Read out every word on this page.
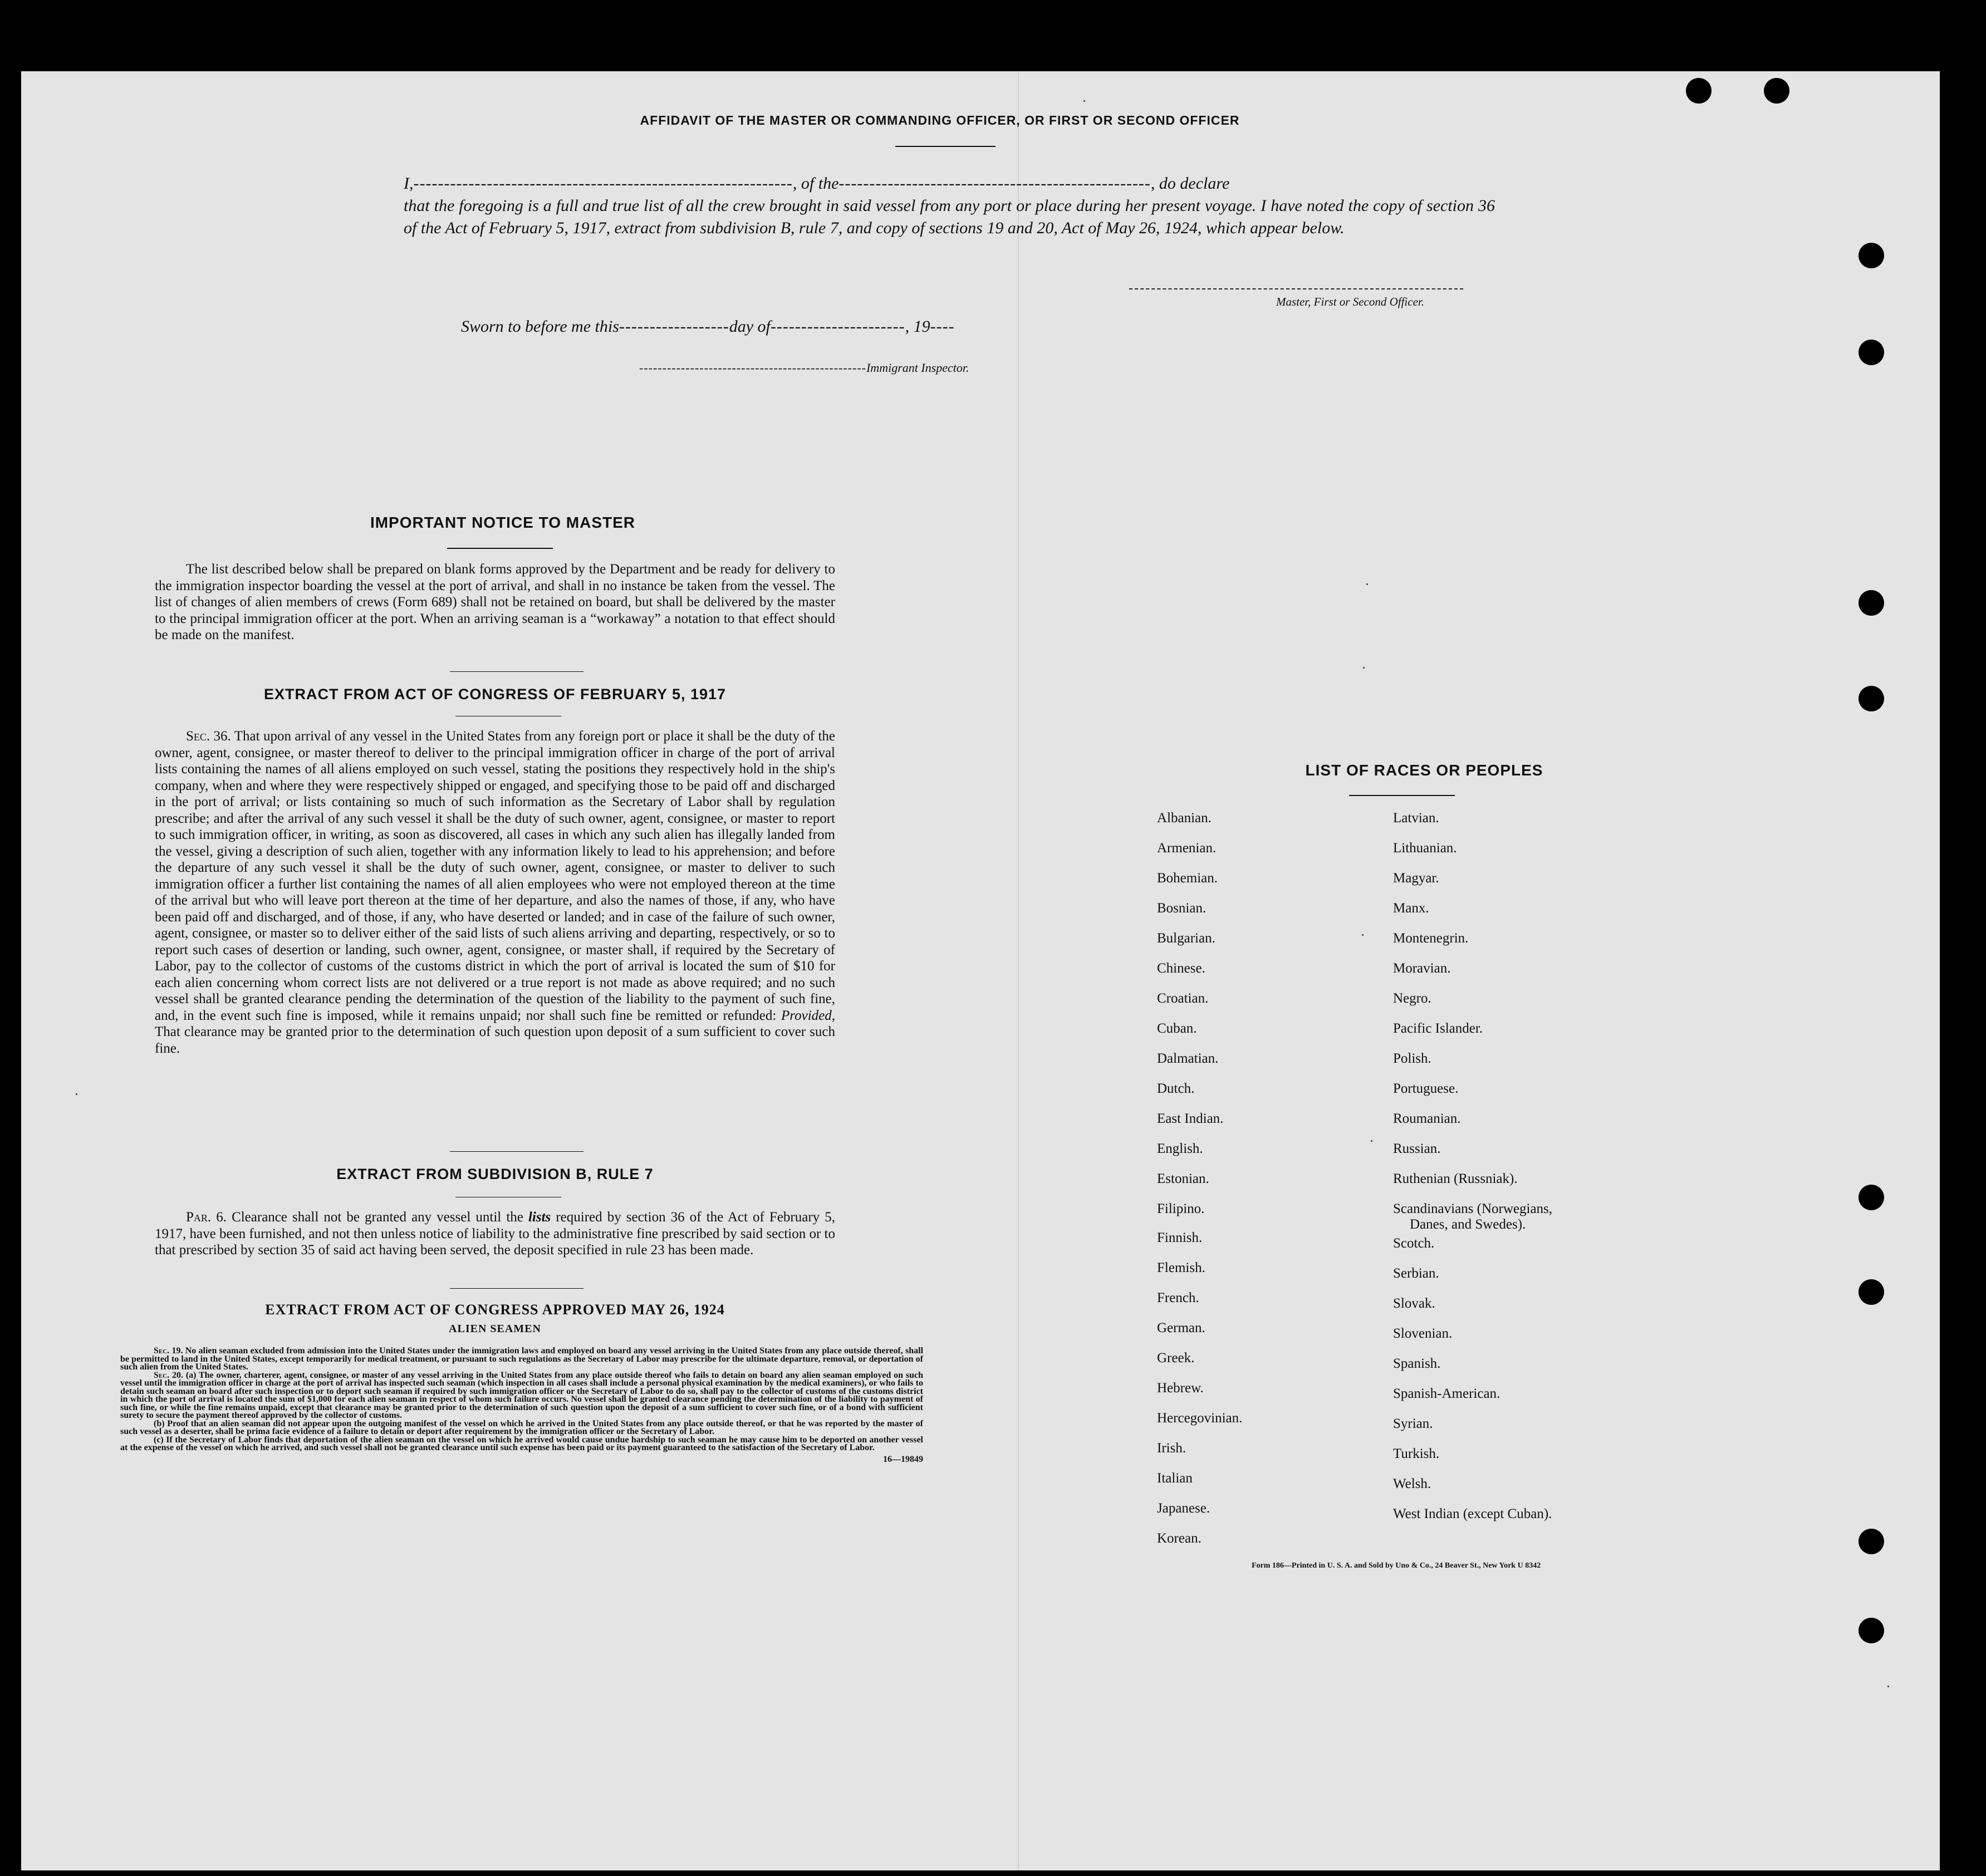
AFFIDAVIT OF THE MASTER OR COMMANDING OFFICER, OR FIRST OR SECOND OFFICER
I,--------------------------------------------------------------, of the---------------------------------------------------, do declare
that the foregoing is a full and true list of all the crew brought in said vessel from any port or place during her present voyage. I have noted the copy of section 36 of the Act of February 5, 1917, extract from subdivision B, rule 7, and copy of sections 19 and 20, Act of May 26, 1924, which appear below.
Master, First or Second Officer.
Sworn to before me this------------------day of----------------------, 19----
-------------------------------------------------Immigrant Inspector.
IMPORTANT NOTICE TO MASTER
The list described below shall be prepared on blank forms approved by the Department and be ready for delivery to the immigration inspector boarding the vessel at the port of arrival, and shall in no instance be taken from the vessel. The list of changes of alien members of crews (Form 689) shall not be retained on board, but shall be delivered by the master to the principal immigration officer at the port. When an arriving seaman is a “workaway” a notation to that effect should be made on the manifest.
EXTRACT FROM ACT OF CONGRESS OF FEBRUARY 5, 1917
Sec. 36. That upon arrival of any vessel in the United States from any foreign port or place it shall be the duty of the owner, agent, consignee, or master thereof to deliver to the principal immigration officer in charge of the port of arrival lists containing the names of all aliens employed on such vessel, stating the positions they respectively hold in the ship's company, when and where they were respectively shipped or engaged, and specifying those to be paid off and discharged in the port of arrival; or lists containing so much of such information as the Secretary of Labor shall by regulation prescribe; and after the arrival of any such vessel it shall be the duty of such owner, agent, consignee, or master to report to such immigration officer, in writing, as soon as discovered, all cases in which any such alien has illegally landed from the vessel, giving a description of such alien, together with any information likely to lead to his apprehension; and before the departure of any such vessel it shall be the duty of such owner, agent, consignee, or master to deliver to such immigration officer a further list containing the names of all alien employees who were not employed thereon at the time of the arrival but who will leave port thereon at the time of her departure, and also the names of those, if any, who have been paid off and discharged, and of those, if any, who have deserted or landed; and in case of the failure of such owner, agent, consignee, or master so to deliver either of the said lists of such aliens arriving and departing, respectively, or so to report such cases of desertion or landing, such owner, agent, consignee, or master shall, if required by the Secretary of Labor, pay to the collector of customs of the customs district in which the port of arrival is located the sum of $10 for each alien concerning whom correct lists are not delivered or a true report is not made as above required; and no such vessel shall be granted clearance pending the determination of the question of the liability to the payment of such fine, and, in the event such fine is imposed, while it remains unpaid; nor shall such fine be remitted or refunded: Provided, That clearance may be granted prior to the determination of such question upon deposit of a sum sufficient to cover such fine.
EXTRACT FROM SUBDIVISION B, RULE 7
Par. 6. Clearance shall not be granted any vessel until the lists required by section 36 of the Act of February 5, 1917, have been furnished, and not then unless notice of liability to the administrative fine prescribed by said section or to that prescribed by section 35 of said act having been served, the deposit specified in rule 23 has been made.
EXTRACT FROM ACT OF CONGRESS APPROVED MAY 26, 1924
ALIEN SEAMEN

Sec. 19. No alien seaman excluded from admission into the United States under the immigration laws and employed on board any vessel arriving in the United States from any place outside thereof, shall be permitted to land in the United States, except temporarily for medical treatment, or pursuant to such regulations as the Secretary of Labor may prescribe for the ultimate departure, removal, or deportation of such alien from the United States.

Sec. 20. (a) The owner, charterer, agent, consignee, or master of any vessel arriving in the United States from any place outside thereof who fails to detain on board any alien seaman employed on such vessel until the immigration officer in charge at the port of arrival has inspected such seaman (which inspection in all cases shall include a personal physical examination by the medical examiners), or who fails to detain such seaman on board after such inspection or to deport such seaman if required by such immigration officer or the Secretary of Labor to do so, shall pay to the collector of customs of the customs district in which the port of arrival is located the sum of $1,000 for each alien seaman in respect of whom such failure occurs. No vessel shall be granted clearance pending the determination of the liability to payment of such fine, or while the fine remains unpaid, except that clearance may be granted prior to the determination of such question upon the deposit of a sum sufficient to cover such fine, or of a bond with sufficient surety to secure the payment thereof approved by the collector of customs.

(b) Proof that an alien seaman did not appear upon the outgoing manifest of the vessel on which he arrived in the United States from any place outside thereof, or that he was reported by the master of such vessel as a deserter, shall be prima facie evidence of a failure to detain or deport after requirement by the immigration officer or the Secretary of Labor.

(c) If the Secretary of Labor finds that deportation of the alien seaman on the vessel on which he arrived would cause undue hardship to such seaman he may cause him to be deported on another vessel at the expense of the vessel on which he arrived, and such vessel shall not be granted clearance until such expense has been paid or its payment guaranteed to the satisfaction of the Secretary of Labor.

16—19849

LIST OF RACES OR PEOPLES
Albanian.
Armenian.
Bohemian.
Bosnian.
Bulgarian.
Chinese.
Croatian.
Cuban.
Dalmatian.
Dutch.
East Indian.
English.
Estonian.
Filipino.
Finnish.
Flemish.
French.
German.
Greek.
Hebrew.
Hercegovinian.
Irish.
Italian
Japanese.
Korean.
Latvian.
Lithuanian.
Magyar.
Manx.
Montenegrin.
Moravian.
Negro.
Pacific Islander.
Polish.
Portuguese.
Roumanian.
Russian.
Ruthenian (Russniak).
Scandinavians (Norwegians,
Danes, and Swedes).
Scotch.
Serbian.
Slovak.
Slovenian.
Spanish.
Spanish-American.
Syrian.
Turkish.
Welsh.
West Indian (except Cuban).
Form 186—Printed in U. S. A. and Sold by Uno & Co., 24 Beaver St., New York U 8342
